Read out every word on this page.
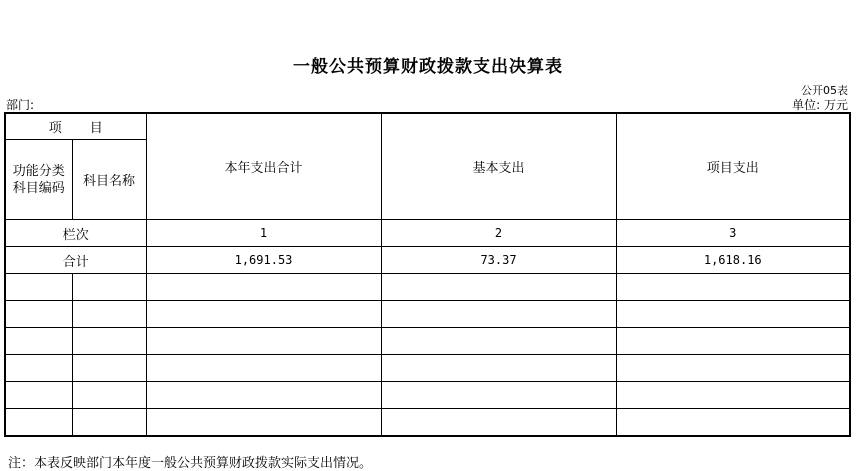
一般公共预算财政拨款支出决算表
公开05表
部门:	单位: 万元
项目		本年支出合计	基本支出	项目支出
功能分类科目编码	科目名称			
栏次		1	2	3
合计		1,691.53	73.37	1,618.16

注：本表反映部门本年度一般公共预算财政拨款实际支出情况。
